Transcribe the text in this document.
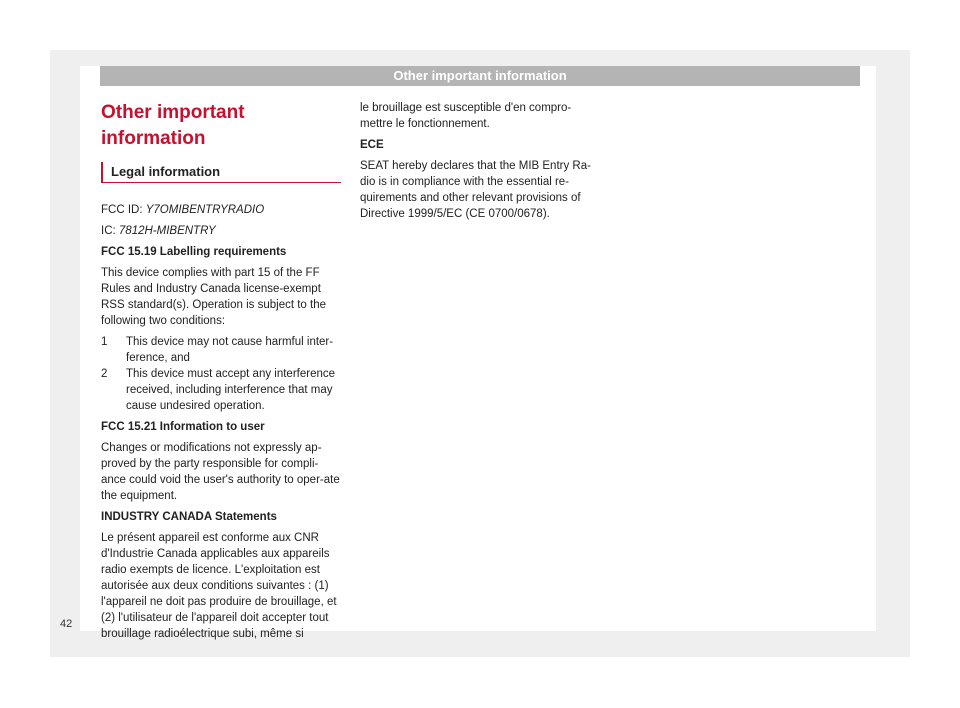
Other important information
Other important information
Legal information

FCC ID: Y7OMIBENTRYRADIO

IC: 7812H-MIBENTRY

FCC 15.19 Labelling requirements

This device complies with part 15 of the FF Rules and Industry Canada license-exempt RSS standard(s). Operation is subject to the following two conditions:

1	This device may not cause harmful inter-ference, and
2	This device must accept any interference received, including interference that may cause undesired operation.

FCC 15.21 Information to user

Changes or modifications not expressly ap-proved by the party responsible for compli-ance could void the user's authority to oper-ate the equipment.

INDUSTRY CANADA Statements

Le présent appareil est conforme aux CNR d'Industrie Canada applicables aux appareils radio exempts de licence. L'exploitation est autorisée aux deux conditions suivantes : (1) l'appareil ne doit pas produire de brouillage, et (2) l'utilisateur de l'appareil doit accepter tout brouillage radioélectrique subi, même si

le brouillage est susceptible d'en compro-mettre le fonctionnement.

ECE

SEAT hereby declares that the MIB Entry Ra-dio is in compliance with the essential re-quirements and other relevant provisions of Directive 1999/5/EC (CE 0700/0678).

42
